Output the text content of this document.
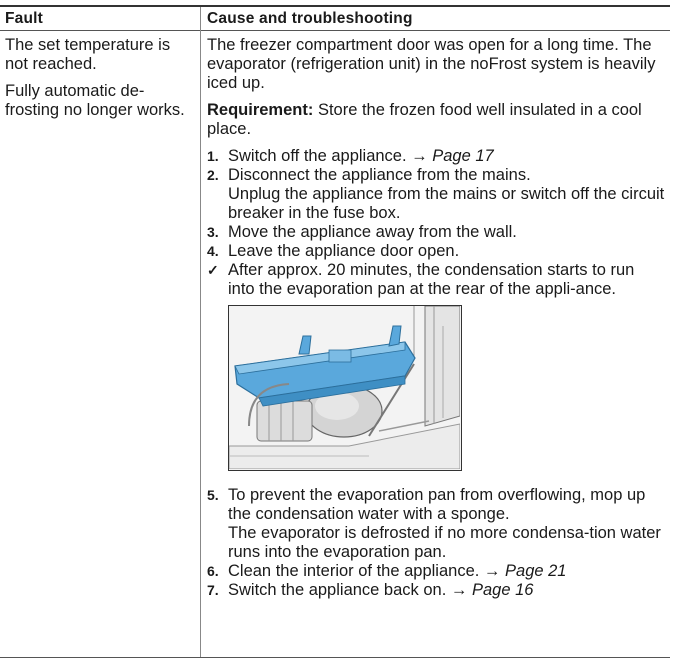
Fault	Cause and troubleshooting

The set temperature is not reached.

Fully automatic de-frosting no longer works.

The freezer compartment door was open for a long time. The evaporator (refrigeration unit) in the noFrost system is heavily iced up.

Requirement: Store the frozen food well insulated in a cool place.

1. Switch off the appliance. → Page 17

2. Disconnect the appliance from the mains.

Unplug the appliance from the mains or switch off the circuit breaker in the fuse box.

3. Move the appliance away from the wall.

4. Leave the appliance door open.

✓ After approx. 20 minutes, the condensation starts to run into the evaporation pan at the rear of the appli-ance.

5. To prevent the evaporation pan from overflowing, mop up the condensation water with a sponge.

The evaporator is defrosted if no more condensa-tion water runs into the evaporation pan.

6. Clean the interior of the appliance. → Page 21

7. Switch the appliance back on. → Page 16
